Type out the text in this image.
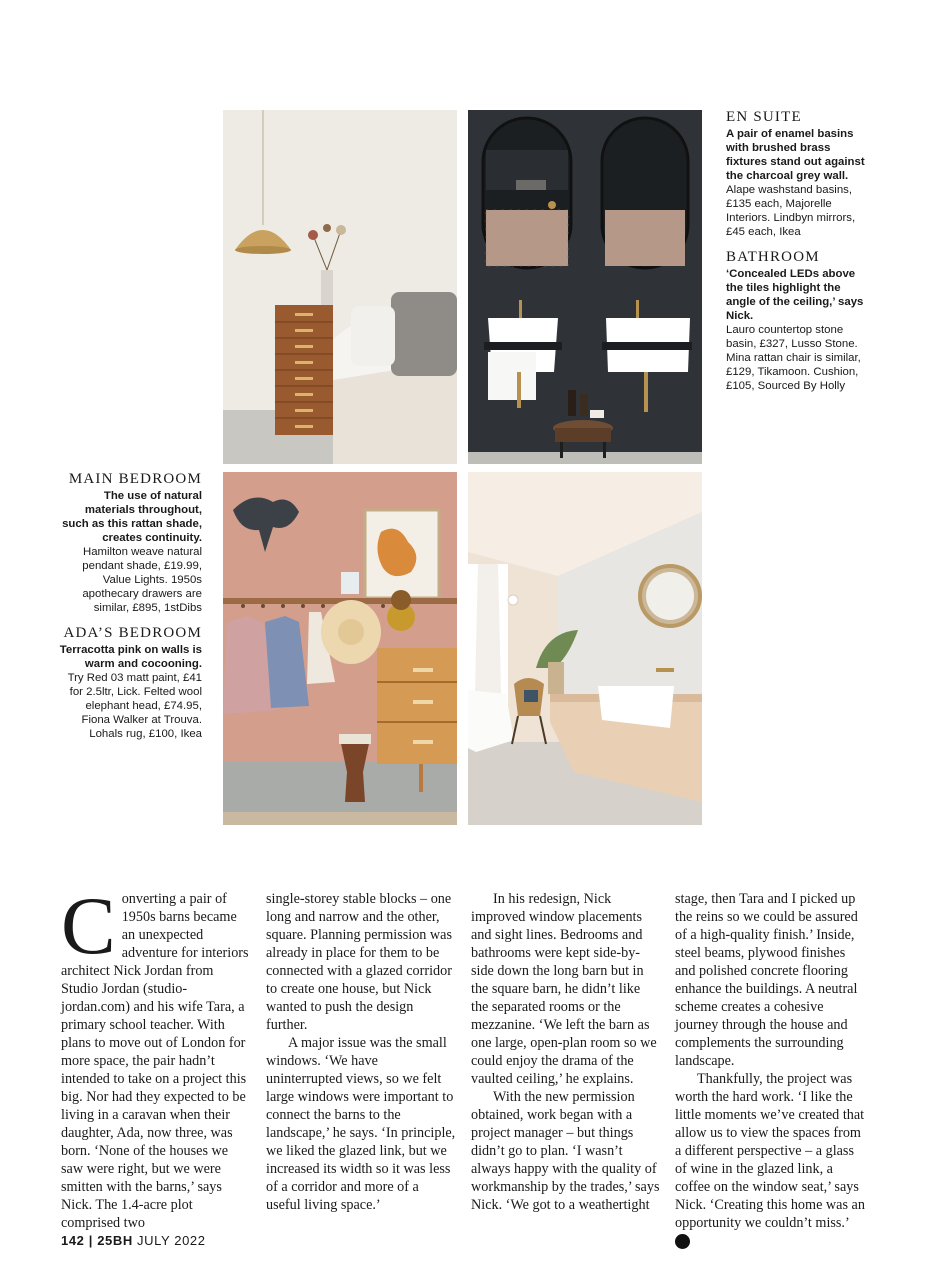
EN SUITE
A pair of enamel basins with brushed brass fixtures stand out against the charcoal grey wall.
Alape washstand basins, £135 each, Majorelle Interiors. Lindbyn mirrors, £45 each, Ikea
BATHROOM
‘Concealed LEDs above the tiles highlight the angle of the ceiling,’ says Nick.
Lauro countertop stone basin, £327, Lusso Stone. Mina rattan chair is similar, £129, Tikamoon. Cushion, £105, Sourced By Holly
MAIN BEDROOM
The use of natural materials throughout, such as this rattan shade, creates continuity.
Hamilton weave natural pendant shade, £19.99, Value Lights. 1950s apothecary drawers are similar, £895, 1stDibs
ADA’S BEDROOM
Terracotta pink on walls is warm and cocooning.
Try Red 03 matt paint, £41 for 2.5ltr, Lick. Felted wool elephant head, £74.95, Fiona Walker at Trouva. Lohals rug, £100, Ikea

Converting a pair of 1950s barns became an unexpected adventure for interiors architect Nick Jordan from Studio Jordan (studio-jordan.com) and his wife Tara, a primary school teacher. With plans to move out of London for more space, the pair hadn’t intended to take on a project this big. Nor had they expected to be living in a caravan when their daughter, Ada, now three, was born. ‘None of the houses we saw were right, but we were smitten with the barns,’ says Nick. The 1.4-acre plot comprised two

single-storey stable blocks – one long and narrow and the other, square. Planning permission was already in place for them to be connected with a glazed corridor to create one house, but Nick wanted to push the design further.

A major issue was the small windows. ‘We have uninterrupted views, so we felt large windows were important to connect the barns to the landscape,’ he says. ‘In principle, we liked the glazed link, but we increased its width so it was less of a corridor and more of a useful living space.’

In his redesign, Nick improved window placements and sight lines. Bedrooms and bathrooms were kept side-by-side down the long barn but in the square barn, he didn’t like the separated rooms or the mezzanine. ‘We left the barn as one large, open-plan room so we could enjoy the drama of the vaulted ceiling,’ he explains.

With the new permission obtained, work began with a project manager – but things didn’t go to plan. ‘I wasn’t always happy with the quality of workmanship by the trades,’ says Nick. ‘We got to a weathertight

stage, then Tara and I picked up the reins so we could be assured of a high-quality finish.’ Inside, steel beams, plywood finishes and polished concrete flooring enhance the buildings. A neutral scheme creates a cohesive journey through the house and complements the surrounding landscape.

Thankfully, the project was worth the hard work. ‘I like the little moments we’ve created that allow us to view the spaces from a different perspective – a glass of wine in the glazed link, a coffee on the window seat,’ says Nick. ‘Creating this home was an opportunity we couldn’t miss.’ 25

142 | 25BH JULY 2022
